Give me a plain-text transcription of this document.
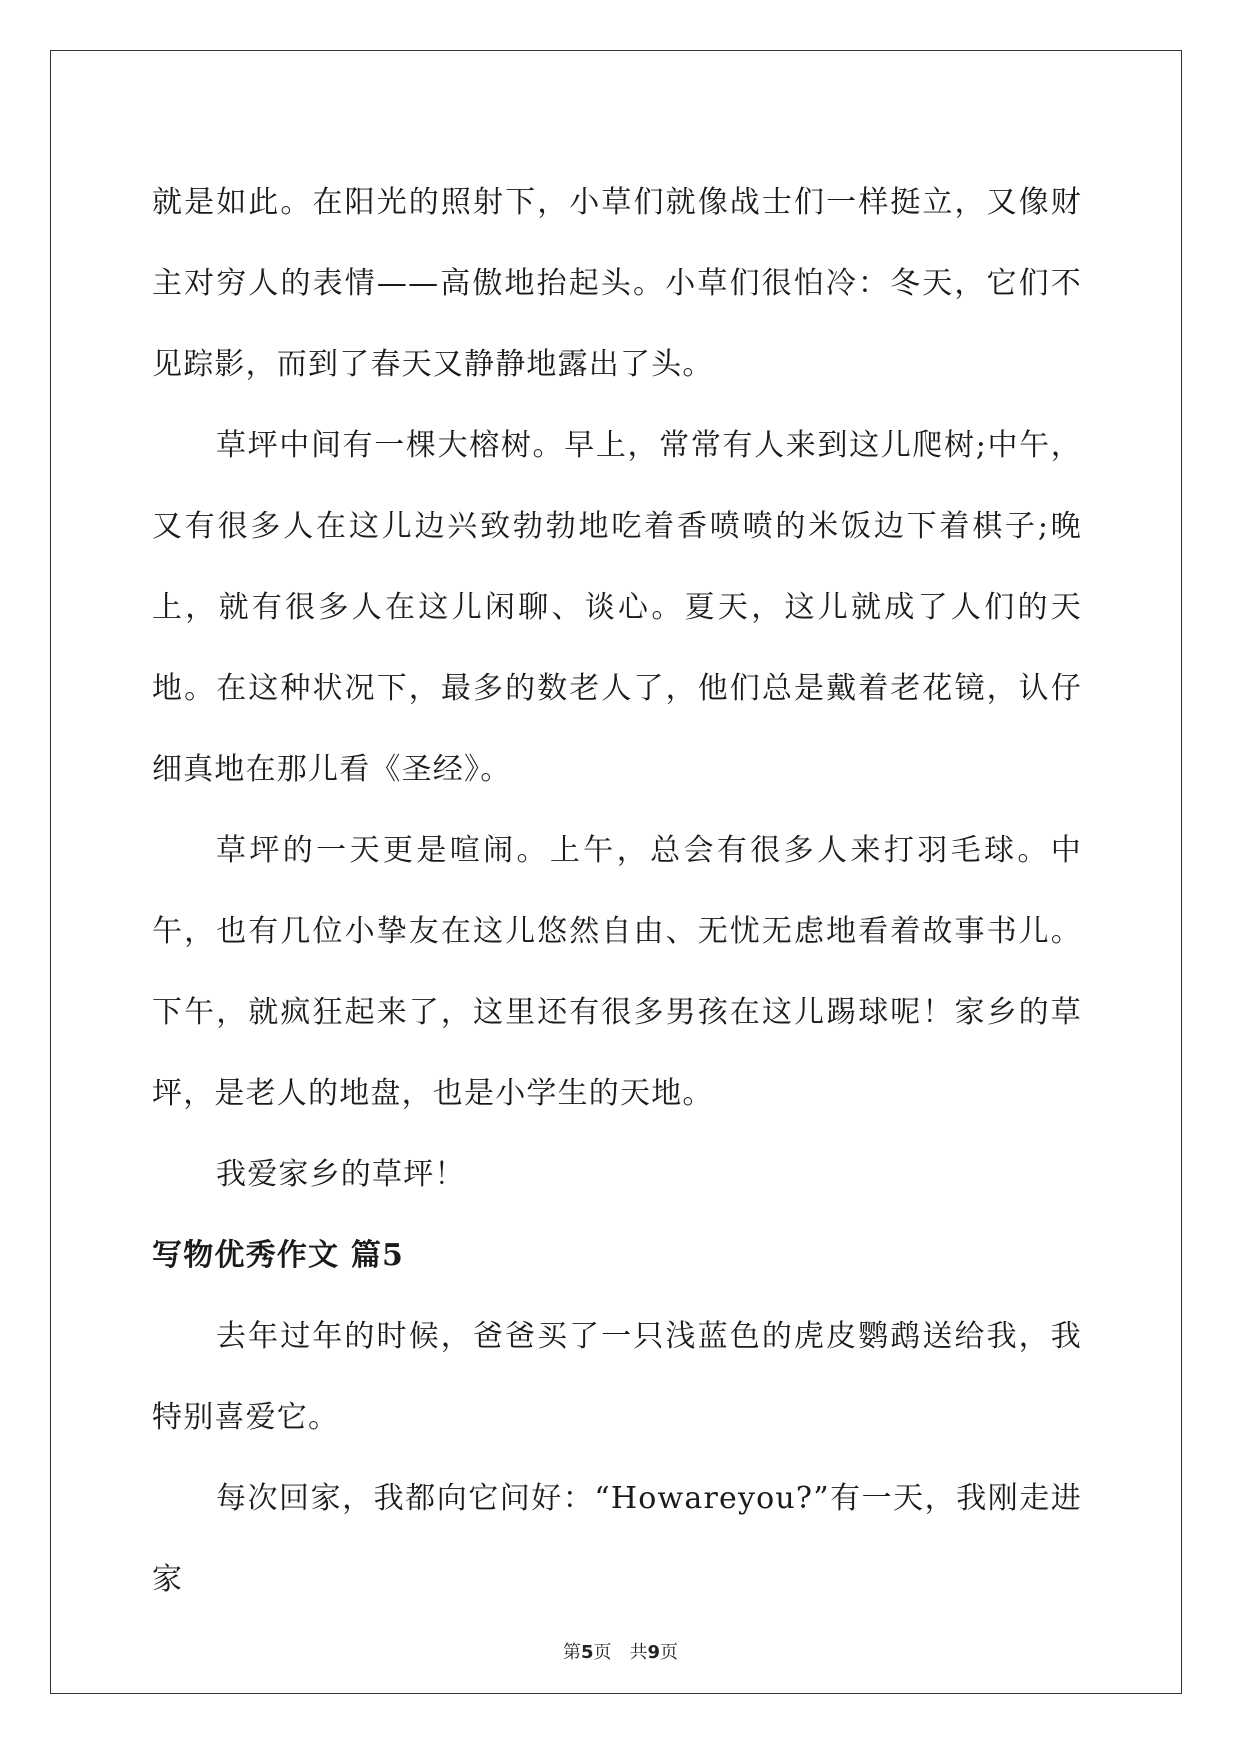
就是如此。在阳光的照射下，小草们就像战士们一样挺立，又像财主对穷人的表情——高傲地抬起头。小草们很怕冷：冬天，它们不见踪影，而到了春天又静静地露出了头。

草坪中间有一棵大榕树。早上，常常有人来到这儿爬树;中午，又有很多人在这儿边兴致勃勃地吃着香喷喷的米饭边下着棋子;晚上，就有很多人在这儿闲聊、谈心。夏天，这儿就成了人们的天地。在这种状况下，最多的数老人了，他们总是戴着老花镜，认仔细真地在那儿看《圣经》。

草坪的一天更是喧闹。上午，总会有很多人来打羽毛球。中午，也有几位小挚友在这儿悠然自由、无忧无虑地看着故事书儿。下午，就疯狂起来了，这里还有很多男孩在这儿踢球呢！家乡的草坪，是老人的地盘，也是小学生的天地。

我爱家乡的草坪！

写物优秀作文 篇5

去年过年的时候，爸爸买了一只浅蓝色的虎皮鹦鹉送给我，我特别喜爱它。

每次回家，我都向它问好：“Howareyou?”有一天，我刚走进家

第5页　共9页
